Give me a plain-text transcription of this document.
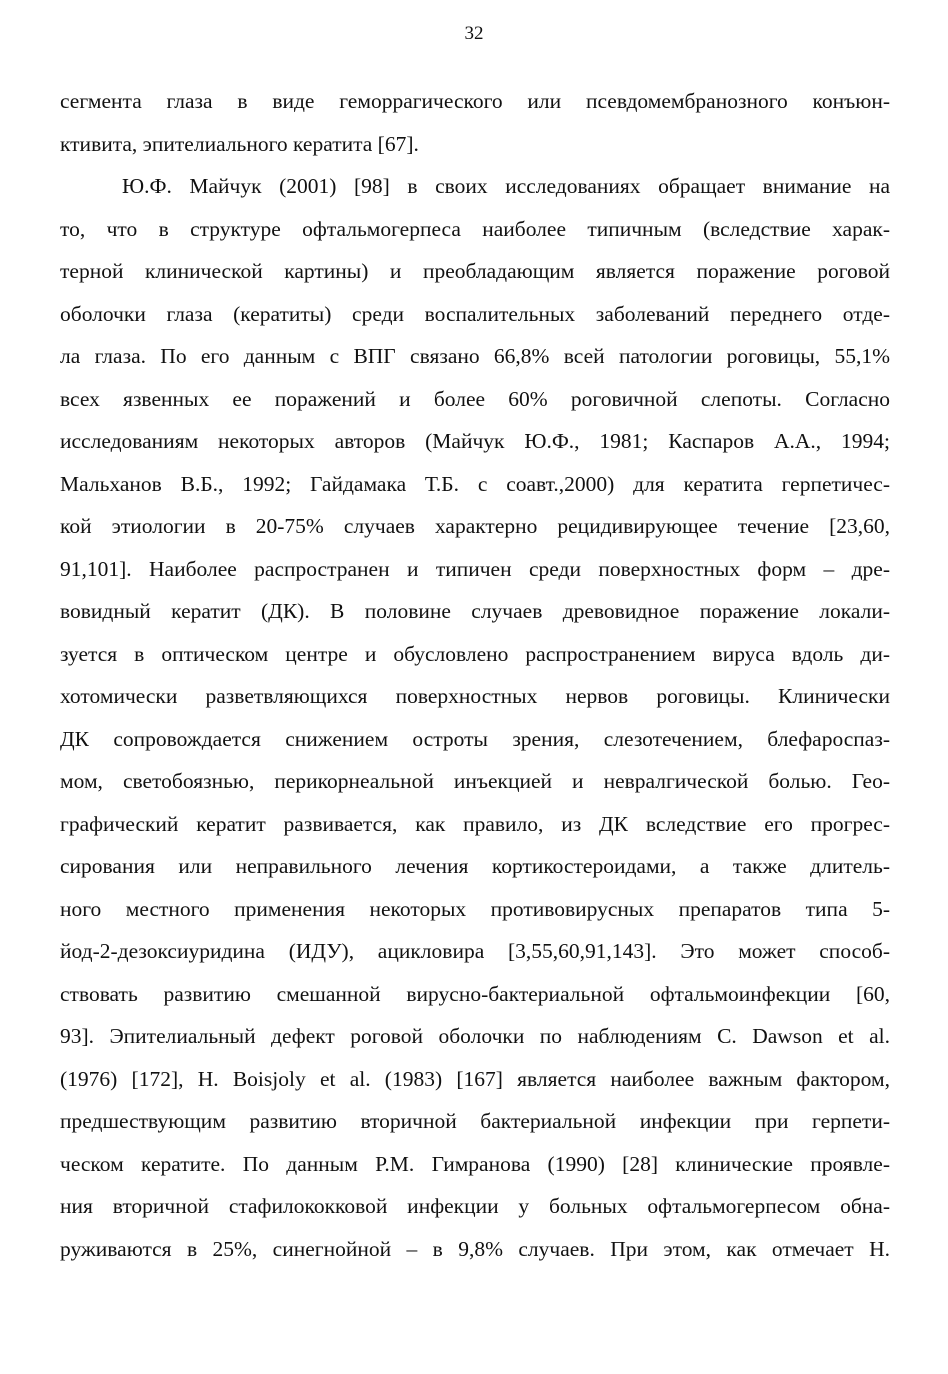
32
сегмента глаза в виде геморрагического или псевдомембранозного конъюн-
ктивита, эпителиального кератита [67].
Ю.Ф. Майчук (2001) [98] в своих исследованиях обращает внимание на
то, что в структуре офтальмогерпеса наиболее типичным (вследствие харак-
терной клинической картины) и преобладающим является поражение роговой
оболочки глаза (кератиты) среди воспалительных заболеваний переднего отде-
ла глаза. По его данным с ВПГ связано 66,8% всей патологии роговицы, 55,1%
всех язвенных ее поражений и более 60% роговичной слепоты. Согласно
исследованиям некоторых авторов (Майчук Ю.Ф., 1981; Каспаров А.А., 1994;
Мальханов В.Б., 1992; Гайдамака Т.Б. с соавт.,2000) для кератита герпетичес-
кой этиологии в 20-75% случаев характерно рецидивирующее течение [23,60,
91,101]. Наиболее распространен и типичен среди поверхностных форм – дре-
вовидный кератит (ДК). В половине случаев древовидное поражение локали-
зуется в оптическом центре и обусловлено распространением вируса вдоль ди-
хотомически разветвляющихся поверхностных нервов роговицы. Клинически
ДК сопровождается снижением остроты зрения, слезотечением, блефароспаз-
мом, светобоязнью, перикорнеальной инъекцией и невралгической болью. Гео-
графический кератит развивается, как правило, из ДК вследствие его прогрес-
сирования или неправильного лечения кортикостероидами, а также длитель-
ного местного применения некоторых противовирусных препаратов типа 5-
йод-2-дезоксиуридина (ИДУ), ацикловира [3,55,60,91,143]. Это может способ-
ствовать развитию смешанной вирусно-бактериальной офтальмоинфекции [60,
93]. Эпителиальный дефект роговой оболочки по наблюдениям C. Dawson et al.
(1976) [172], H. Boisjoly et al. (1983) [167] является наиболее важным фактором,
предшествующим развитию вторичной бактериальной инфекции при герпети-
ческом кератите. По данным Р.М. Гимранова (1990) [28] клинические проявле-
ния вторичной стафилококковой инфекции у больных офтальмогерпесом обна-
руживаются в 25%, синегнойной – в 9,8% случаев. При этом, как отмечает H.
